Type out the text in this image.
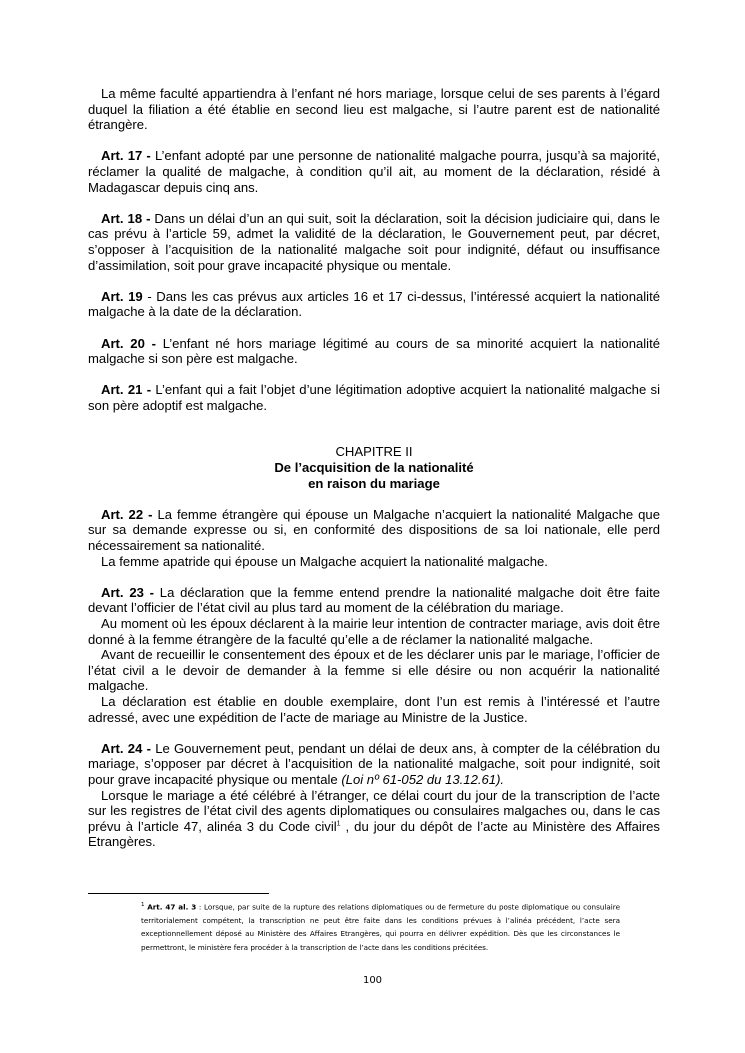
La même faculté appartiendra à l’enfant né hors mariage, lorsque celui de ses parents à l’égard duquel la filiation a été établie en second lieu est malgache, si l’autre parent est de nationalité étrangère.

Art. 17 - L’enfant adopté par une personne de nationalité malgache pourra, jusqu’à sa majorité, réclamer la qualité de malgache, à condition qu’il ait, au moment de la déclaration, résidé à Madagascar depuis cinq ans.

Art. 18 - Dans un délai d’un an qui suit, soit la déclaration, soit la décision judiciaire qui, dans le cas prévu à l’article 59, admet la validité de la déclaration, le Gouvernement peut, par décret, s’opposer à l’acquisition de la nationalité malgache soit pour indignité, défaut ou insuffisance d’assimilation, soit pour grave incapacité physique ou mentale.

Art. 19 - Dans les cas prévus aux articles 16 et 17 ci-dessus, l’intéressé acquiert la nationalité malgache à la date de la déclaration.

Art. 20 - L’enfant né hors mariage légitimé au cours de sa minorité acquiert la nationalité malgache si son père est malgache.

Art. 21 - L’enfant qui a fait l’objet d’une légitimation adoptive acquiert la nationalité malgache si son père adoptif est malgache.

CHAPITRE II

De l’acquisition de la nationalité

en raison du mariage

Art. 22 - La femme étrangère qui épouse un Malgache n’acquiert la nationalité Malgache que sur sa demande expresse ou si, en conformité des dispositions de sa loi nationale, elle perd nécessairement sa nationalité.

La femme apatride qui épouse un Malgache acquiert la nationalité malgache.

Art. 23 - La déclaration que la femme entend prendre la nationalité malgache doit être faite devant l’officier de l’état civil au plus tard au moment de la célébration du mariage.

Au moment où les époux déclarent à la mairie leur intention de contracter mariage, avis doit être donné à la femme étrangère de la faculté qu’elle a de réclamer la nationalité malgache.

Avant de recueillir le consentement des époux et de les déclarer unis par le mariage, l’officier de l’état civil a le devoir de demander à la femme si elle désire ou non acquérir la nationalité malgache.

La déclaration est établie en double exemplaire, dont l’un est remis à l’intéressé et l’autre adressé, avec une expédition de l’acte de mariage au Ministre de la Justice.

Art. 24 - Le Gouvernement peut, pendant un délai de deux ans, à compter de la célébration du mariage, s’opposer par décret à l’acquisition de la nationalité malgache, soit pour indignité, soit pour grave incapacité physique ou mentale (Loi nº 61-052 du 13.12.61).

Lorsque le mariage a été célébré à l’étranger, ce délai court du jour de la transcription de l’acte sur les registres de l’état civil des agents diplomatiques ou consulaires malgaches ou, dans le cas prévu à l’article 47, alinéa 3 du Code civil$^1$ , du jour du dépôt de l’acte au Ministère des Affaires Etrangères.

$^1$ Art. 47 al. 3 : Lorsque, par suite de la rupture des relations diplomatiques ou de fermeture du poste diplomatique ou consulaire territorialement compétent, la transcription ne peut être faite dans les conditions prévues à l’alinéa précédent, l’acte sera exceptionnellement déposé au Ministère des Affaires Etrangères, qui pourra en délivrer expédition. Dès que les circonstances le permettront, le ministère fera procéder à la transcription de l’acte dans les conditions précitées.
100
